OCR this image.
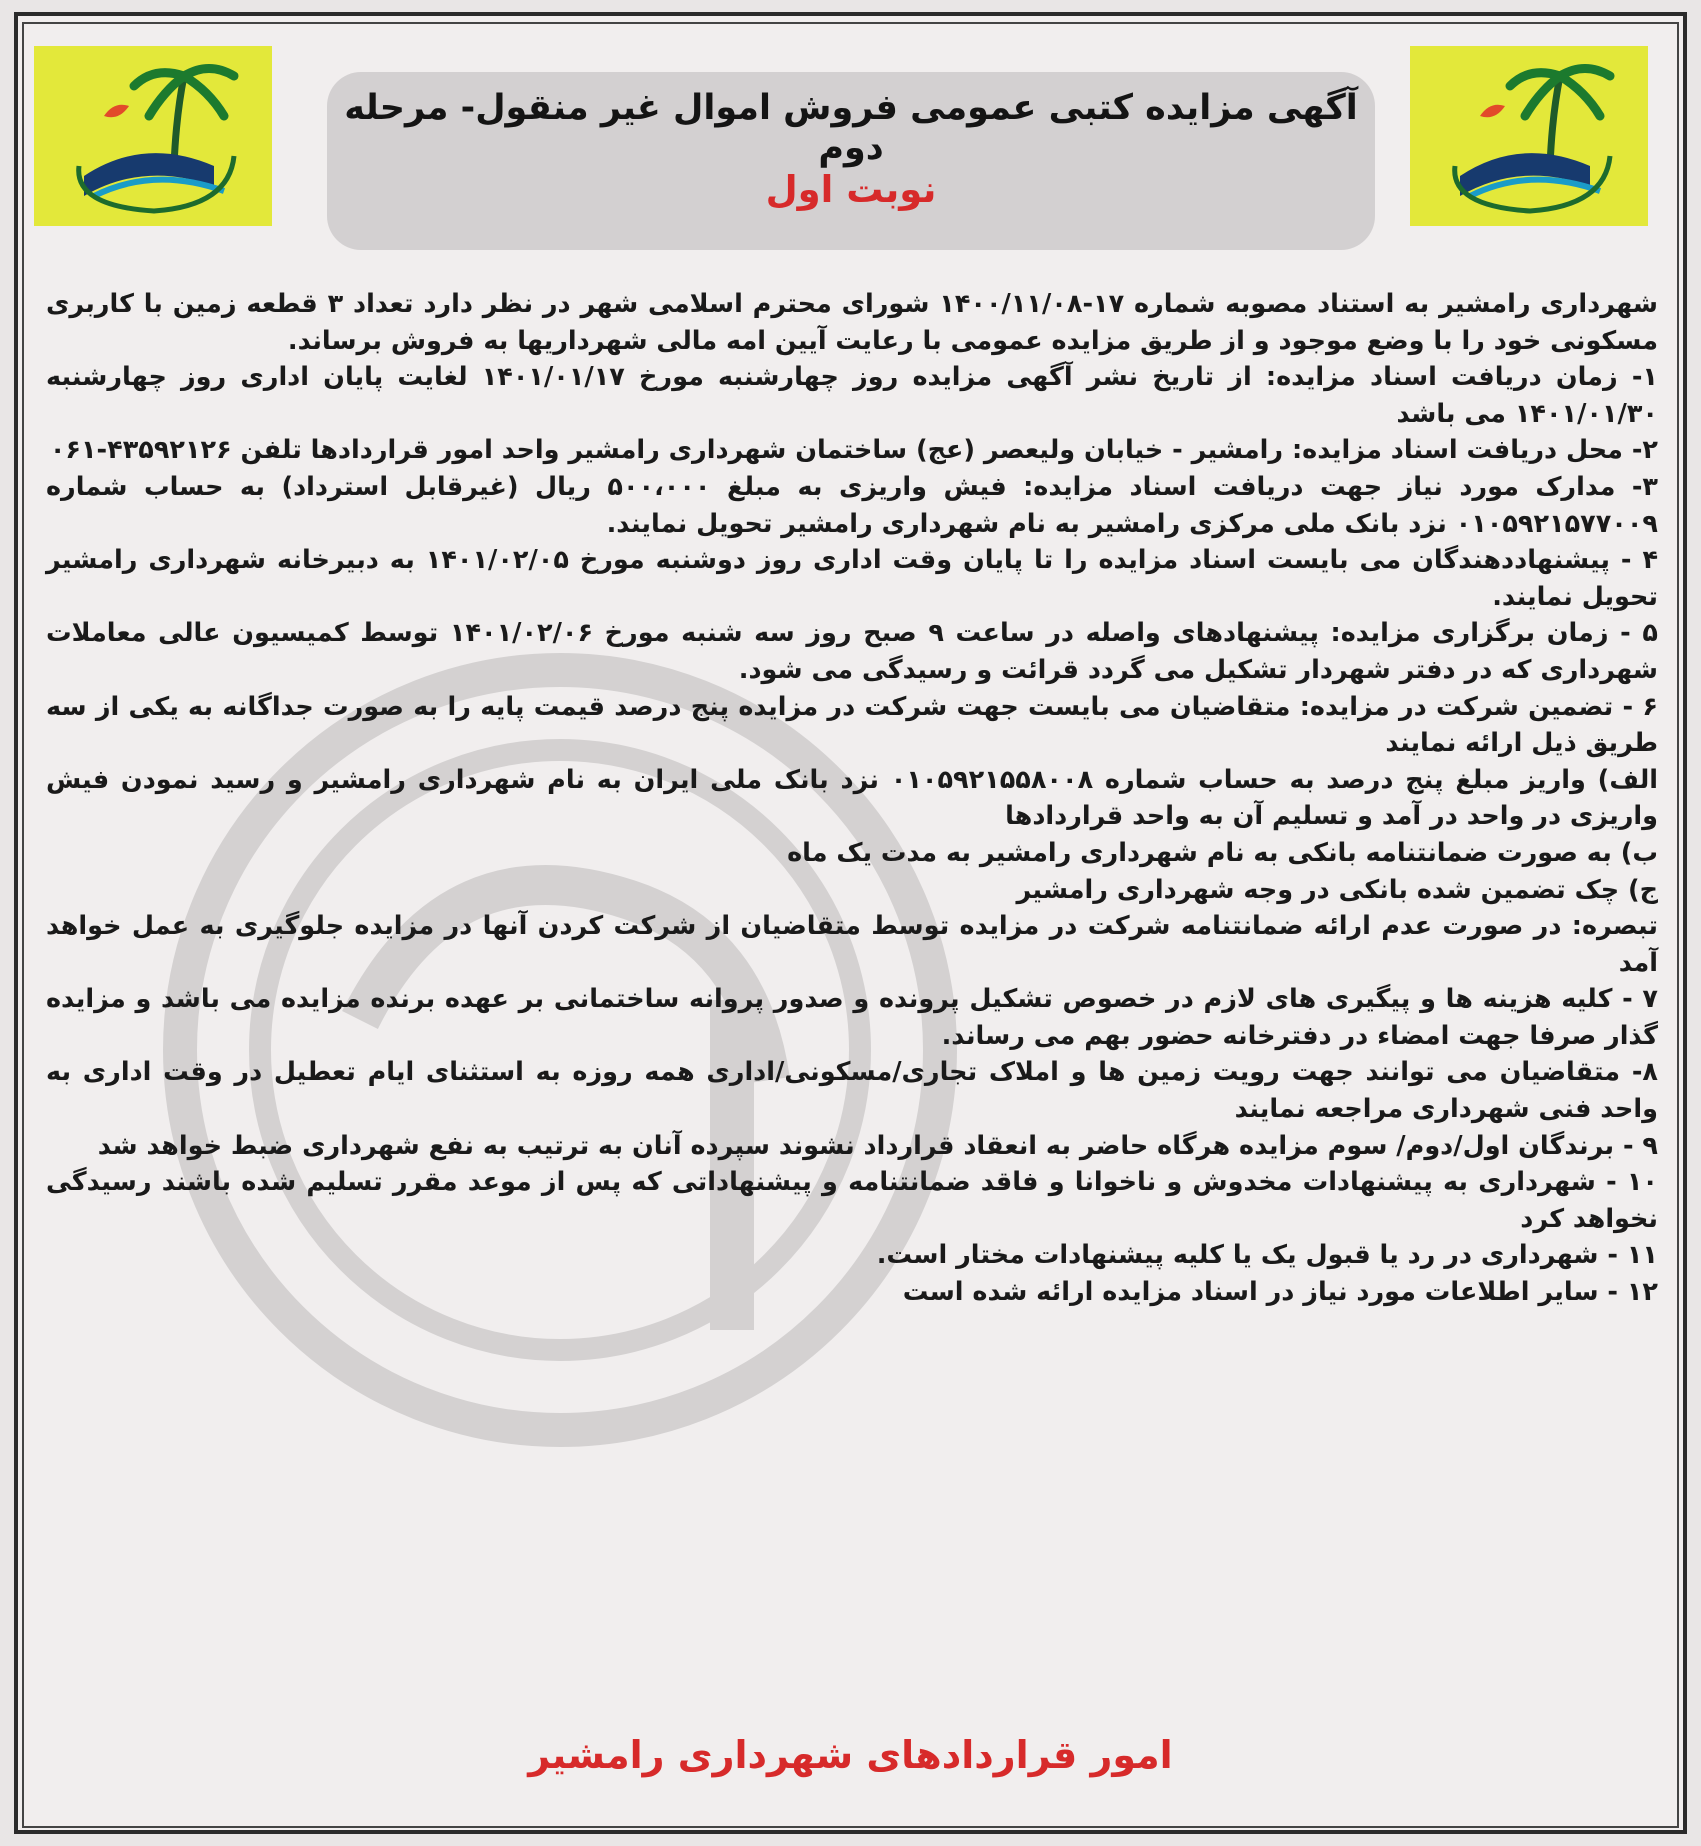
آگهی مزایده کتبی عمومی فروش اموال غیر منقول- مرحله دوم
نوبت اول

شهرداری رامشیر به استناد مصوبه شماره ۱۷-۱۴۰۰/۱۱/۰۸ شورای محترم اسلامی شهر در نظر دارد تعداد ۳ قطعه زمین با کاربری مسکونی خود را با وضع موجود و از طریق مزایده عمومی با رعایت آیین امه مالی شهرداریها به فروش برساند.

۱- زمان دریافت اسناد مزایده: از تاریخ نشر آگهی مزایده روز چهارشنبه مورخ ۱۴۰۱/۰۱/۱۷ لغایت پایان اداری روز چهارشنبه ۱۴۰۱/۰۱/۳۰ می باشد

۲- محل دریافت اسناد مزایده: رامشیر - خیابان ولیعصر (عج) ساختمان شهرداری رامشیر واحد امور قراردادها تلفن ۴۳۵۹۲۱۲۶-۰۶۱

۳- مدارک مورد نیاز جهت دریافت اسناد مزایده: فیش واریزی به مبلغ ۵۰۰،۰۰۰ ریال (غیرقابل استرداد) به حساب شماره ۰۱۰۵۹۲۱۵۷۷۰۰۹ نزد بانک ملی مرکزی رامشیر به نام شهرداری رامشیر تحویل نمایند.

۴ - پیشنهاددهندگان می بایست اسناد مزایده را تا پایان وقت اداری روز دوشنبه مورخ ۱۴۰۱/۰۲/۰۵ به دبیرخانه شهرداری رامشیر تحویل نمایند.

۵ - زمان برگزاری مزایده: پیشنهادهای واصله در ساعت ۹ صبح روز سه شنبه مورخ ۱۴۰۱/۰۲/۰۶ توسط کمیسیون عالی معاملات شهرداری که در دفتر شهردار تشکیل می گردد قرائت و رسیدگی می شود.

۶ - تضمین شرکت در مزایده: متقاضیان می بایست جهت شرکت در مزایده پنج درصد قیمت پایه را به صورت جداگانه به یکی از سه طریق ذیل ارائه نمایند

الف) واریز مبلغ پنج درصد به حساب شماره ۰۱۰۵۹۲۱۵۵۸۰۰۸ نزد بانک ملی ایران به نام شهرداری رامشیر و رسید نمودن فیش واریزی در واحد در آمد و تسلیم آن به واحد قراردادها

ب) به صورت ضمانتنامه بانکی به نام شهرداری رامشیر به مدت یک ماه

ج) چک تضمین شده بانکی در وجه شهرداری رامشیر

تبصره: در صورت عدم ارائه ضمانتنامه شرکت در مزایده توسط متقاضیان از شرکت کردن آنها در مزایده جلوگیری به عمل خواهد آمد

۷ - کلیه هزینه ها و پیگیری های لازم در خصوص تشکیل پرونده و صدور پروانه ساختمانی بر عهده برنده مزایده می باشد و مزایده گذار صرفا جهت امضاء در دفترخانه حضور بهم می رساند.

۸- متقاضیان می توانند جهت رویت زمین ها و املاک تجاری/مسکونی/اداری همه روزه به استثنای ایام تعطیل در وقت اداری به واحد فنی شهرداری مراجعه نمایند

۹ - برندگان اول/دوم/ سوم مزایده هرگاه حاضر به انعقاد قرارداد نشوند سپرده آنان به ترتیب به نفع شهرداری ضبط خواهد شد

۱۰ - شهرداری به پیشنهادات مخدوش و ناخوانا و فاقد ضمانتنامه و پیشنهاداتی که پس از موعد مقرر تسلیم شده باشند رسیدگی نخواهد کرد

۱۱ - شهرداری در رد یا قبول یک یا کلیه پیشنهادات مختار است.

۱۲ - سایر اطلاعات مورد نیاز در اسناد مزایده ارائه شده است

امور قراردادهای شهرداری رامشیر
